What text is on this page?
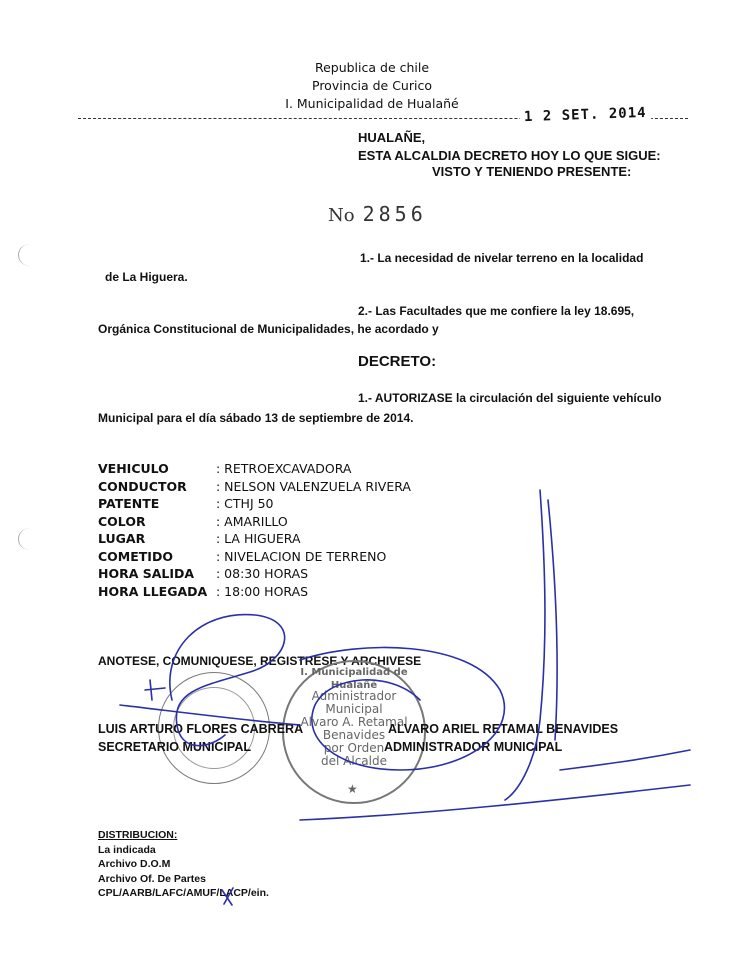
Republica de chile
Provincia de Curico
I. Municipalidad de Hualañé
1 2 SET. 2014
HUALAÑE,
ESTA ALCALDIA DECRETO HOY LO QUE SIGUE:
VISTO Y TENIENDO PRESENTE:
No 2856
1.- La necesidad de nivelar terreno en la localidad
de La Higuera.
2.- Las Facultades que me confiere la ley 18.695,
Orgánica Constitucional de Municipalidades, he acordado y
DECRETO:
1.- AUTORIZASE la circulación del siguiente vehículo
Municipal para el día sábado 13 de septiembre de 2014.
VEHICULO	: RETROEXCAVADORA
CONDUCTOR	: NELSON VALENZUELA RIVERA
PATENTE	: CTHJ 50
COLOR	: AMARILLO
LUGAR	: LA HIGUERA
COMETIDO	: NIVELACION DE TERRENO
HORA SALIDA	: 08:30 HORAS
HORA LLEGADA	: 18:00 HORAS
ANOTESE, COMUNIQUESE, REGISTRESE Y ARCHIVESE
Administrador
Municipal
Alvaro A. Retamal
Benavides
por Orden
del Alcalde
I. Municipalidad de Hualañé
★
LUIS ARTURO FLORES CABRERA
SECRETARIO MUNICIPAL
ALVARO ARIEL RETAMAL BENAVIDES
ADMINISTRADOR MUNICIPAL
DISTRIBUCION:
La indicada
Archivo D.O.M
Archivo Of. De Partes
CPL/AARB/LAFC/AMUF/LACP/ein.
